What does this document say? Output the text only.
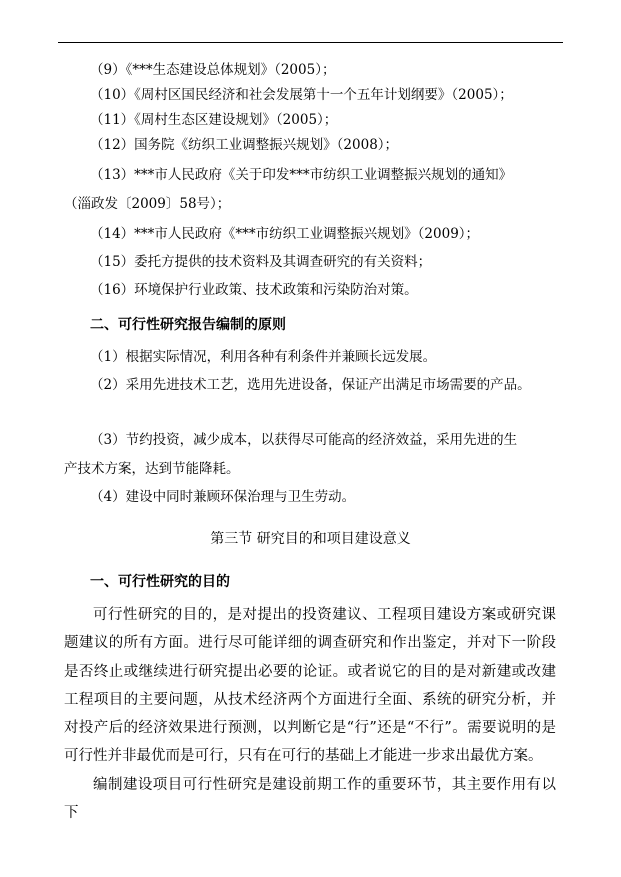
（9）《***生态建设总体规划》（2005）；
（10）《周村区国民经济和社会发展第十一个五年计划纲要》（2005）；
（11）《周村生态区建设规划》（2005）；
（12）国务院《纺织工业调整振兴规划》（2008）；
（13）***市人民政府《关于印发***市纺织工业调整振兴规划的通知》
（淄政发〔2009〕58号）；
（14）***市人民政府《***市纺织工业调整振兴规划》（2009）；
（15）委托方提供的技术资料及其调查研究的有关资料；
（16）环境保护行业政策、技术政策和污染防治对策。
二、可行性研究报告编制的原则
（1）根据实际情况，利用各种有利条件并兼顾长远发展。
（2）采用先进技术工艺，选用先进设备，保证产出满足市场需要的产品。
（3）节约投资，减少成本，以获得尽可能高的经济效益，采用先进的生
产技术方案，达到节能降耗。
（4）建设中同时兼顾环保治理与卫生劳动。
第三节 研究目的和项目建设意义
一、可行性研究的目的

可行性研究的目的，是对提出的投资建议、工程项目建设方案或研究课题建议的所有方面。进行尽可能详细的调查研究和作出鉴定，并对下一阶段是否终止或继续进行研究提出必要的论证。或者说它的目的是对新建或改建工程项目的主要问题，从技术经济两个方面进行全面、系统的研究分析，并对投产后的经济效果进行预测，以判断它是“行”还是“不行”。需要说明的是可行性并非最优而是可行，只有在可行的基础上才能进一步求出最优方案。

编制建设项目可行性研究是建设前期工作的重要环节，其主要作用有以下
